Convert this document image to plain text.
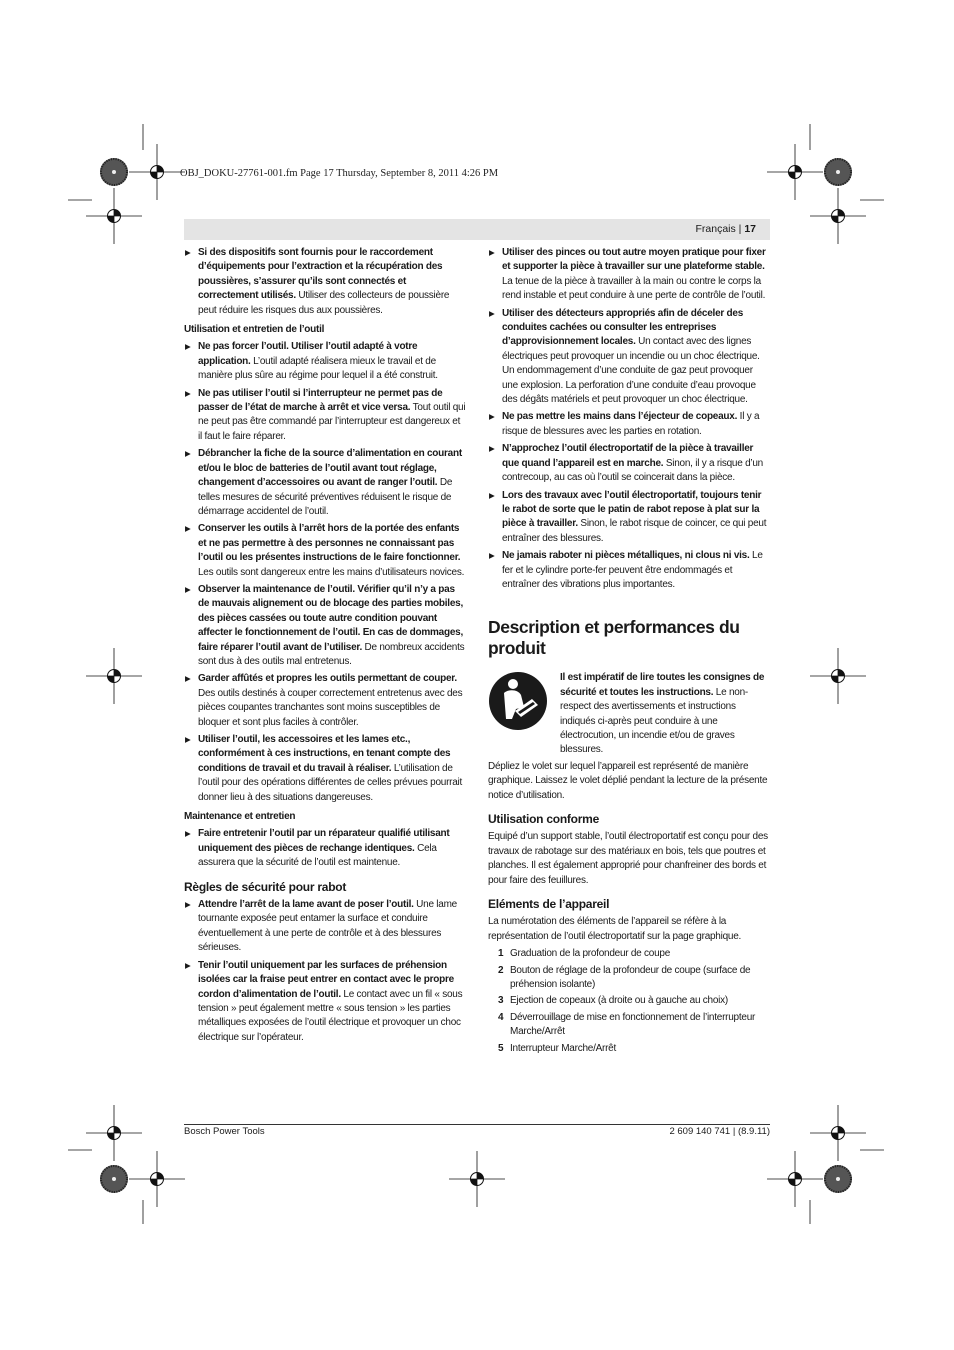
OBJ_DOKU-27761-001.fm Page 17 Thursday, September 8, 2011 4:26 PM
Français | 17
▶ Si des dispositifs sont fournis pour le raccordement d’équipements pour l’extraction et la récupération des poussières, s’assurer qu’ils sont connectés et correctement utilisés. Utiliser des collecteurs de poussière peut réduire les risques dus aux poussières.
Utilisation et entretien de l’outil
▶ Ne pas forcer l’outil. Utiliser l’outil adapté à votre application. L’outil adapté réalisera mieux le travail et de manière plus sûre au régime pour lequel il a été construit.
▶ Ne pas utiliser l’outil si l’interrupteur ne permet pas de passer de l’état de marche à arrêt et vice versa. Tout outil qui ne peut pas être commandé par l’interrupteur est dangereux et il faut le faire réparer.
▶ Débrancher la fiche de la source d’alimentation en courant et/ou le bloc de batteries de l’outil avant tout réglage, changement d’accessoires ou avant de ranger l’outil. De telles mesures de sécurité préventives réduisent le risque de démarrage accidentel de l’outil.
▶ Conserver les outils à l’arrêt hors de la portée des enfants et ne pas permettre à des personnes ne connaissant pas l’outil ou les présentes instructions de le faire fonctionner. Les outils sont dangereux entre les mains d’utilisateurs novices.
▶ Observer la maintenance de l’outil. Vérifier qu’il n’y a pas de mauvais alignement ou de blocage des parties mobiles, des pièces cassées ou toute autre condition pouvant affecter le fonctionnement de l’outil. En cas de dommages, faire réparer l’outil avant de l’utiliser. De nombreux accidents sont dus à des outils mal entretenus.
▶ Garder affûtés et propres les outils permettant de couper. Des outils destinés à couper correctement entretenus avec des pièces coupantes tranchantes sont moins susceptibles de bloquer et sont plus faciles à contrôler.
▶ Utiliser l’outil, les accessoires et les lames etc., conformément à ces instructions, en tenant compte des conditions de travail et du travail à réaliser. L’utilisation de l’outil pour des opérations différentes de celles prévues pourrait donner lieu à des situations dangereuses.
Maintenance et entretien
▶ Faire entretenir l’outil par un réparateur qualifié utilisant uniquement des pièces de rechange identiques. Cela assurera que la sécurité de l’outil est maintenue.
Règles de sécurité pour rabot
▶ Attendre l’arrêt de la lame avant de poser l’outil. Une lame tournante exposée peut entamer la surface et conduire éventuellement à une perte de contrôle et à des blessures sérieuses.
▶ Tenir l’outil uniquement par les surfaces de préhension isolées car la fraise peut entrer en contact avec le propre cordon d’alimentation de l’outil. Le contact avec un fil « sous tension » peut également mettre « sous tension » les parties métalliques exposées de l’outil électrique et provoquer un choc électrique sur l’opérateur.
▶ Utiliser des pinces ou tout autre moyen pratique pour fixer et supporter la pièce à travailler sur une plateforme stable. La tenue de la pièce à travailler à la main ou contre le corps la rend instable et peut conduire à une perte de contrôle de l’outil.
▶ Utiliser des détecteurs appropriés afin de déceler des conduites cachées ou consulter les entreprises d’approvisionnement locales. Un contact avec des lignes électriques peut provoquer un incendie ou un choc électrique. Un endommagement d’une conduite de gaz peut provoquer une explosion. La perforation d’une conduite d’eau provoque des dégâts matériels et peut provoquer un choc électrique.
▶ Ne pas mettre les mains dans l’éjecteur de copeaux. Il y a risque de blessures avec les parties en rotation.
▶ N’approchez l’outil électroportatif de la pièce à travailler que quand l’appareil est en marche. Sinon, il y a risque d’un contrecoup, au cas où l’outil se coincerait dans la pièce.
▶ Lors des travaux avec l’outil électroportatif, toujours tenir le rabot de sorte que le patin de rabot repose à plat sur la pièce à travailler. Sinon, le rabot risque de coincer, ce qui peut entraîner des blessures.
▶ Ne jamais raboter ni pièces métalliques, ni clous ni vis. Le fer et le cylindre porte-fer peuvent être endommagés et entraîner des vibrations plus importantes.
Description et performances du produit
Il est impératif de lire toutes les consignes de sécurité et toutes les instructions. Le non-respect des avertissements et instructions indiqués ci-après peut conduire à une électrocution, un incendie et/ou de graves blessures.
Dépliez le volet sur lequel l’appareil est représenté de manière graphique. Laissez le volet déplié pendant la lecture de la présente notice d’utilisation.
Utilisation conforme
Equipé d’un support stable, l’outil électroportatif est conçu pour des travaux de rabotage sur des matériaux en bois, tels que poutres et planches. Il est également approprié pour chanfreiner des bords et pour faire des feuillures.
Eléments de l’appareil
La numérotation des éléments de l’appareil se réfère à la représentation de l’outil électroportatif sur la page graphique.
1 Graduation de la profondeur de coupe
2 Bouton de réglage de la profondeur de coupe (surface de préhension isolante)
3 Ejection de copeaux (à droite ou à gauche au choix)
4 Déverrouillage de mise en fonctionnement de l’interrupteur Marche/Arrêt
5 Interrupteur Marche/Arrêt
Bosch Power Tools	2 609 140 741 | (8.9.11)
